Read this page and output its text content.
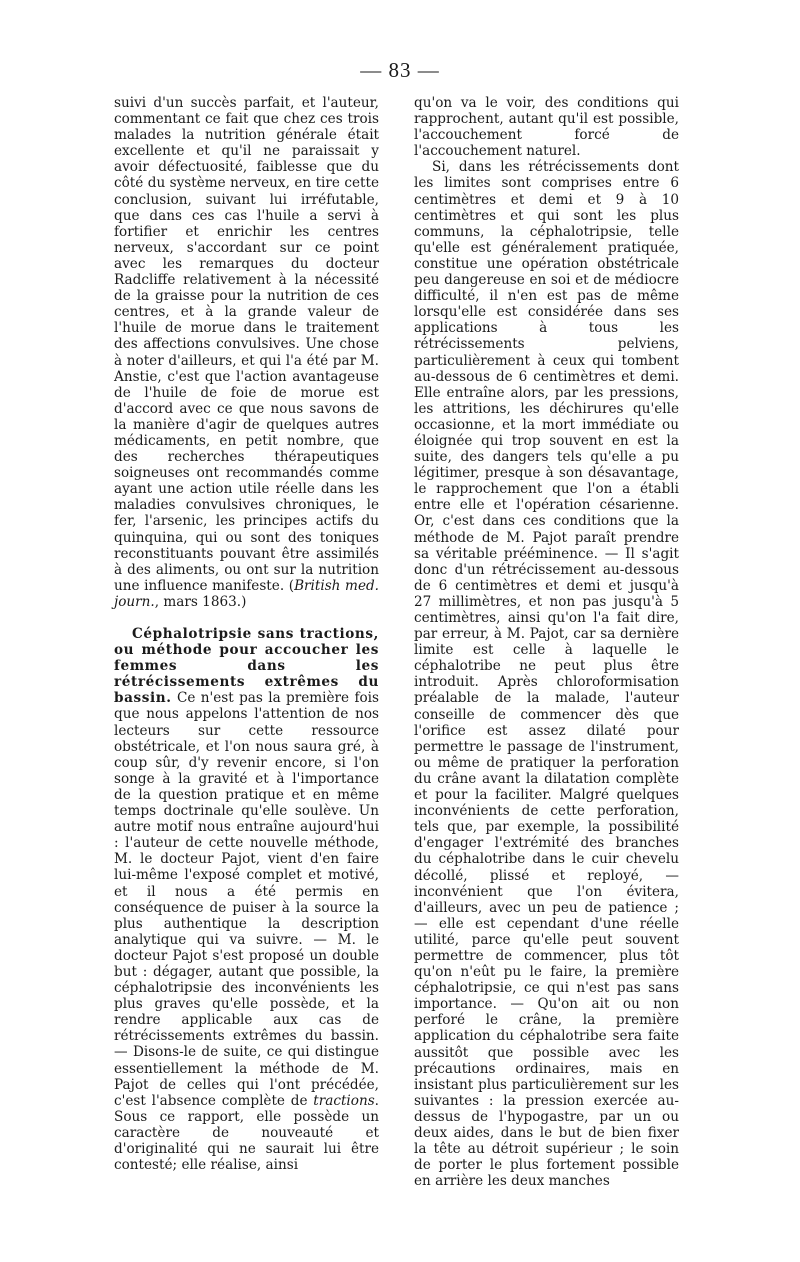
— 83 —

suivi d'un succès parfait, et l'auteur, commentant ce fait que chez ces trois malades la nutrition générale était excellente et qu'il ne paraissait y avoir défectuosité, faiblesse que du côté du système nerveux, en tire cette conclusion, suivant lui irréfutable, que dans ces cas l'huile a servi à fortifier et enrichir les centres nerveux, s'accordant sur ce point avec les remarques du docteur Radcliffe relativement à la nécessité de la graisse pour la nutrition de ces centres, et à la grande valeur de l'huile de morue dans le traitement des affections convulsives. Une chose à noter d'ailleurs, et qui l'a été par M. Anstie, c'est que l'action avantageuse de l'huile de foie de morue est d'accord avec ce que nous savons de la manière d'agir de quelques autres médicaments, en petit nombre, que des recherches thérapeutiques soigneuses ont recommandés comme ayant une action utile réelle dans les maladies convulsives chroniques, le fer, l'arsenic, les principes actifs du quinquina, qui ou sont des toniques reconstituants pouvant être assimilés à des aliments, ou ont sur la nutrition une influence manifeste. (British med. journ., mars 1863.)

Céphalotripsie sans tractions, ou méthode pour accoucher les femmes dans les rétrécissements extrêmes du bassin. Ce n'est pas la première fois que nous appelons l'attention de nos lecteurs sur cette ressource obstétricale, et l'on nous saura gré, à coup sûr, d'y revenir encore, si l'on songe à la gravité et à l'importance de la question pratique et en même temps doctrinale qu'elle soulève. Un autre motif nous entraîne aujourd'hui : l'auteur de cette nouvelle méthode, M. le docteur Pajot, vient d'en faire lui-même l'exposé complet et motivé, et il nous a été permis en conséquence de puiser à la source la plus authentique la description analytique qui va suivre. — M. le docteur Pajot s'est proposé un double but : dégager, autant que possible, la céphalotripsie des inconvénients les plus graves qu'elle possède, et la rendre applicable aux cas de rétrécissements extrêmes du bassin. — Disons-le de suite, ce qui distingue essentiellement la méthode de M. Pajot de celles qui l'ont précédée, c'est l'absence complète de tractions. Sous ce rapport, elle possède un caractère de nouveauté et d'originalité qui ne saurait lui être contesté; elle réalise, ainsi

qu'on va le voir, des conditions qui rapprochent, autant qu'il est possible, l'accouchement forcé de l'accouchement naturel.

Si, dans les rétrécissements dont les limites sont comprises entre 6 centimètres et demi et 9 à 10 centimètres et qui sont les plus communs, la céphalotripsie, telle qu'elle est généralement pratiquée, constitue une opération obstétricale peu dangereuse en soi et de médiocre difficulté, il n'en est pas de même lorsqu'elle est considérée dans ses applications à tous les rétrécissements pelviens, particulièrement à ceux qui tombent au-dessous de 6 centimètres et demi. Elle entraîne alors, par les pressions, les attritions, les déchirures qu'elle occasionne, et la mort immédiate ou éloignée qui trop souvent en est la suite, des dangers tels qu'elle a pu légitimer, presque à son désavantage, le rapprochement que l'on a établi entre elle et l'opération césarienne. Or, c'est dans ces conditions que la méthode de M. Pajot paraît prendre sa véritable prééminence. — Il s'agit donc d'un rétrécissement au-dessous de 6 centimètres et demi et jusqu'à 27 millimètres, et non pas jusqu'à 5 centimètres, ainsi qu'on l'a fait dire, par erreur, à M. Pajot, car sa dernière limite est celle à laquelle le céphalotribe ne peut plus être introduit. Après chloroformisation préalable de la malade, l'auteur conseille de commencer dès que l'orifice est assez dilaté pour permettre le passage de l'instrument, ou même de pratiquer la perforation du crâne avant la dilatation complète et pour la faciliter. Malgré quelques inconvénients de cette perforation, tels que, par exemple, la possibilité d'engager l'extrémité des branches du céphalotribe dans le cuir chevelu décollé, plissé et reployé, — inconvénient que l'on évitera, d'ailleurs, avec un peu de patience ; — elle est cependant d'une réelle utilité, parce qu'elle peut souvent permettre de commencer, plus tôt qu'on n'eût pu le faire, la première céphalotripsie, ce qui n'est pas sans importance. — Qu'on ait ou non perforé le crâne, la première application du céphalotribe sera faite aussitôt que possible avec les précautions ordinaires, mais en insistant plus particulièrement sur les suivantes : la pression exercée au-dessus de l'hypogastre, par un ou deux aides, dans le but de bien fixer la tête au détroit supérieur ; le soin de porter le plus fortement possible en arrière les deux manches
